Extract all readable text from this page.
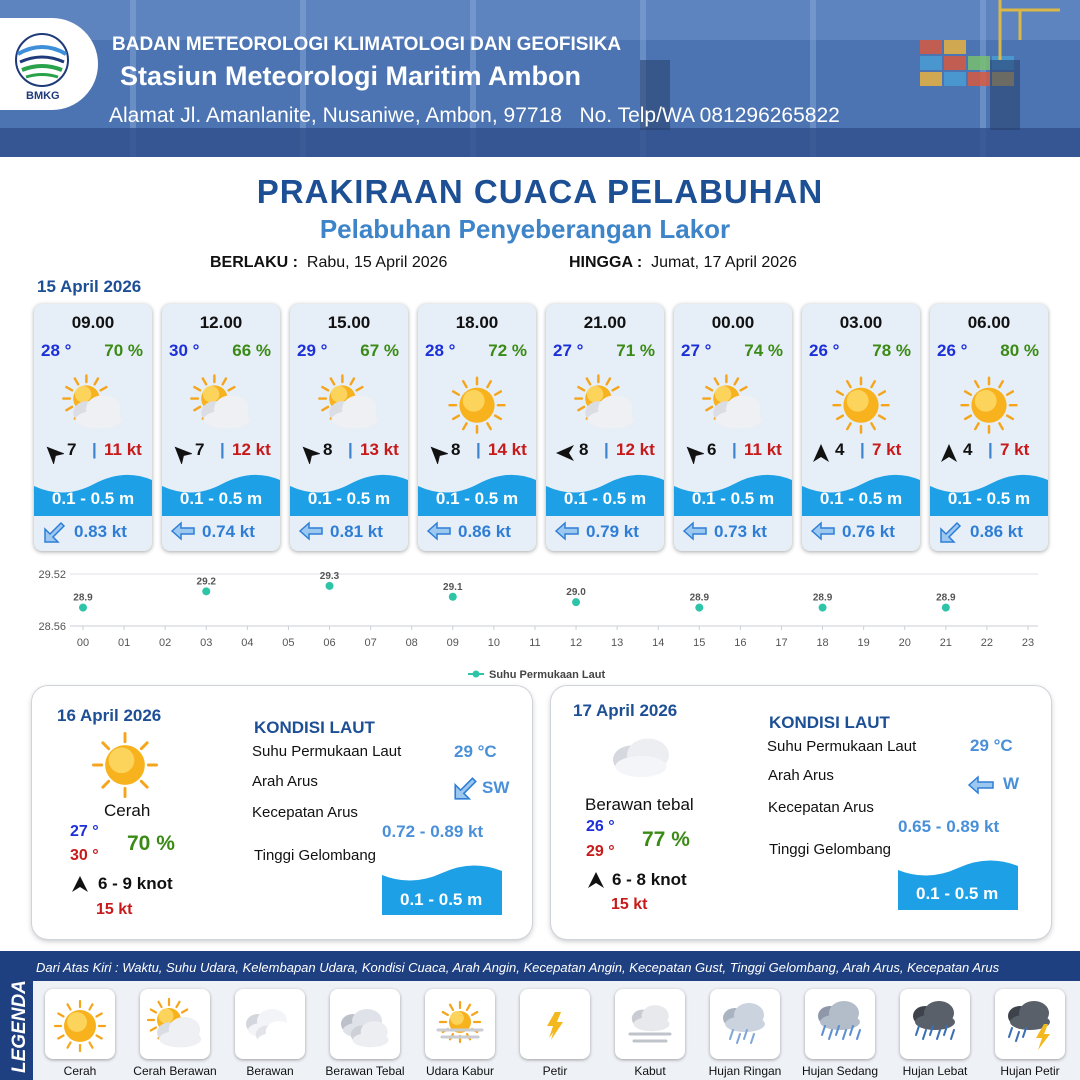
BMKG
BADAN METEOROLOGI KLIMATOLOGI DAN GEOFISIKA
Stasiun Meteorologi Maritim Ambon
Alamat Jl. Amanlanite, Nusaniwe, Ambon, 97718 No. Telp/WA 081296265822
PRAKIRAAN CUACA PELABUHAN
Pelabuhan Penyeberangan Lakor
BERLAKU : Rabu, 15 April 2026	HINGGA : Jumat, 17 April 2026
15 April 2026
09.00
28 ° 70 %
7 | 11 kt
0.1 - 0.5 m
0.83 kt
12.00
30 ° 66 %
7 | 12 kt
0.1 - 0.5 m
0.74 kt
15.00
29 ° 67 %
8 | 13 kt
0.1 - 0.5 m
0.81 kt
18.00
28 ° 72 %
8 | 14 kt
0.1 - 0.5 m
0.86 kt
21.00
27 ° 71 %
8 | 12 kt
0.1 - 0.5 m
0.79 kt
00.00
27 ° 74 %
6 | 11 kt
0.1 - 0.5 m
0.73 kt
03.00
26 ° 78 %
4 | 7 kt
0.1 - 0.5 m
0.76 kt
06.00
26 ° 80 %
4 | 7 kt
0.1 - 0.5 m
0.86 kt
29.52
28.56
00	01	02	03	04	05	06	07	08	09	10	11	12	13	14	15	16	17	18	19	20	21	22	23
28.9
29.2	29.3
29.1	29.0	28.9	28.9	28.9
Suhu Permukaan Laut
16 April 2026
Cerah
27 °
30 °
70 %
6 - 9 knot
15 kt
KONDISI LAUT
Suhu Permukaan Laut	29 °C
Arah Arus	SW
Kecepatan Arus
0.72 - 0.89 kt
Tinggi Gelombang
0.1 - 0.5 m
17 April 2026
Berawan tebal
26 °
29 °
77 %
6 - 8 knot
15 kt
KONDISI LAUT
Suhu Permukaan Laut	29 °C
Arah Arus	W
Kecepatan Arus
0.65 - 0.89 kt
Tinggi Gelombang
0.1 - 0.5 m
LEGENDA
Dari Atas Kiri : Waktu, Suhu Udara, Kelembapan Udara, Kondisi Cuaca, Arah Angin, Kecepatan Angin, Kecepatan Gust, Tinggi Gelombang, Arah Arus, Kecepatan Arus
Cerah	Cerah Berawan	Berawan	Berawan Tebal	Udara Kabur	Petir	Kabut	Hujan Ringan	Hujan Sedang	Hujan Lebat	Hujan Petir
